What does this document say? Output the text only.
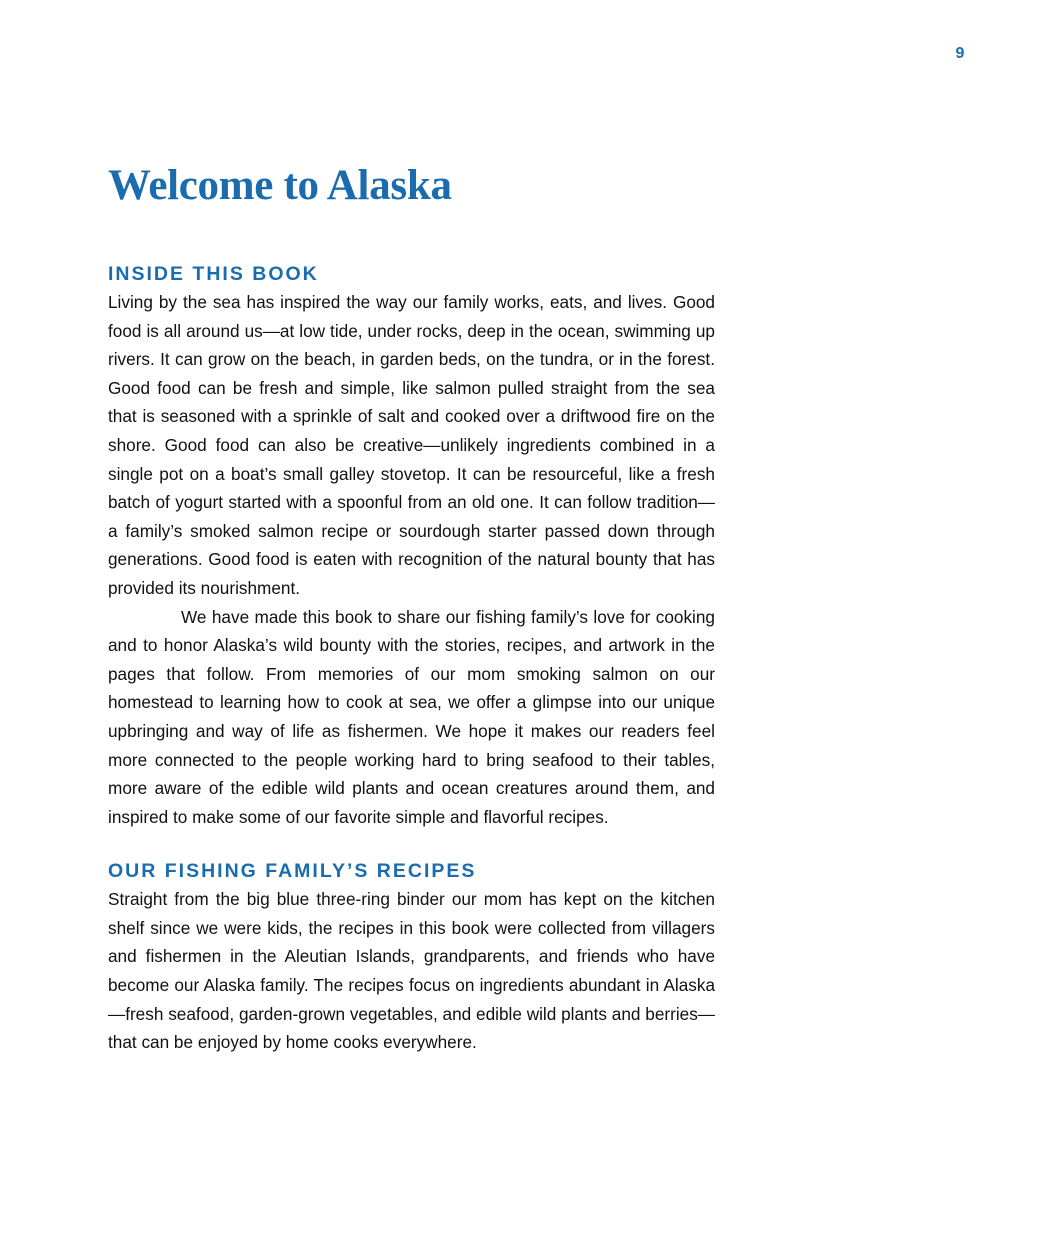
9
Welcome to Alaska
INSIDE THIS BOOK

Living by the sea has inspired the way our family works, eats, and lives. Good food is all around us—at low tide, under rocks, deep in the ocean, swimming up rivers. It can grow on the beach, in garden beds, on the tundra, or in the forest. Good food can be fresh and simple, like salmon pulled straight from the sea that is seasoned with a sprinkle of salt and cooked over a driftwood fire on the shore. Good food can also be creative—unlikely ingredients combined in a single pot on a boat’s small galley stovetop. It can be resourceful, like a fresh batch of yogurt started with a spoonful from an old one. It can follow tradition—a family’s smoked salmon recipe or sourdough starter passed down through generations. Good food is eaten with recognition of the natural bounty that has provided its nourishment.

We have made this book to share our fishing family’s love for cooking and to honor Alaska’s wild bounty with the stories, recipes, and artwork in the pages that follow. From memories of our mom smoking salmon on our homestead to learning how to cook at sea, we offer a glimpse into our unique upbringing and way of life as fishermen. We hope it makes our readers feel more connected to the people working hard to bring seafood to their tables, more aware of the edible wild plants and ocean creatures around them, and inspired to make some of our favorite simple and flavorful recipes.

OUR FISHING FAMILY’S RECIPES

Straight from the big blue three-ring binder our mom has kept on the kitchen shelf since we were kids, the recipes in this book were collected from villagers and fishermen in the Aleutian Islands, grandparents, and friends who have become our Alaska family. The recipes focus on ingredients abundant in Alaska—fresh seafood, garden-grown vegetables, and edible wild plants and berries—that can be enjoyed by home cooks everywhere.
